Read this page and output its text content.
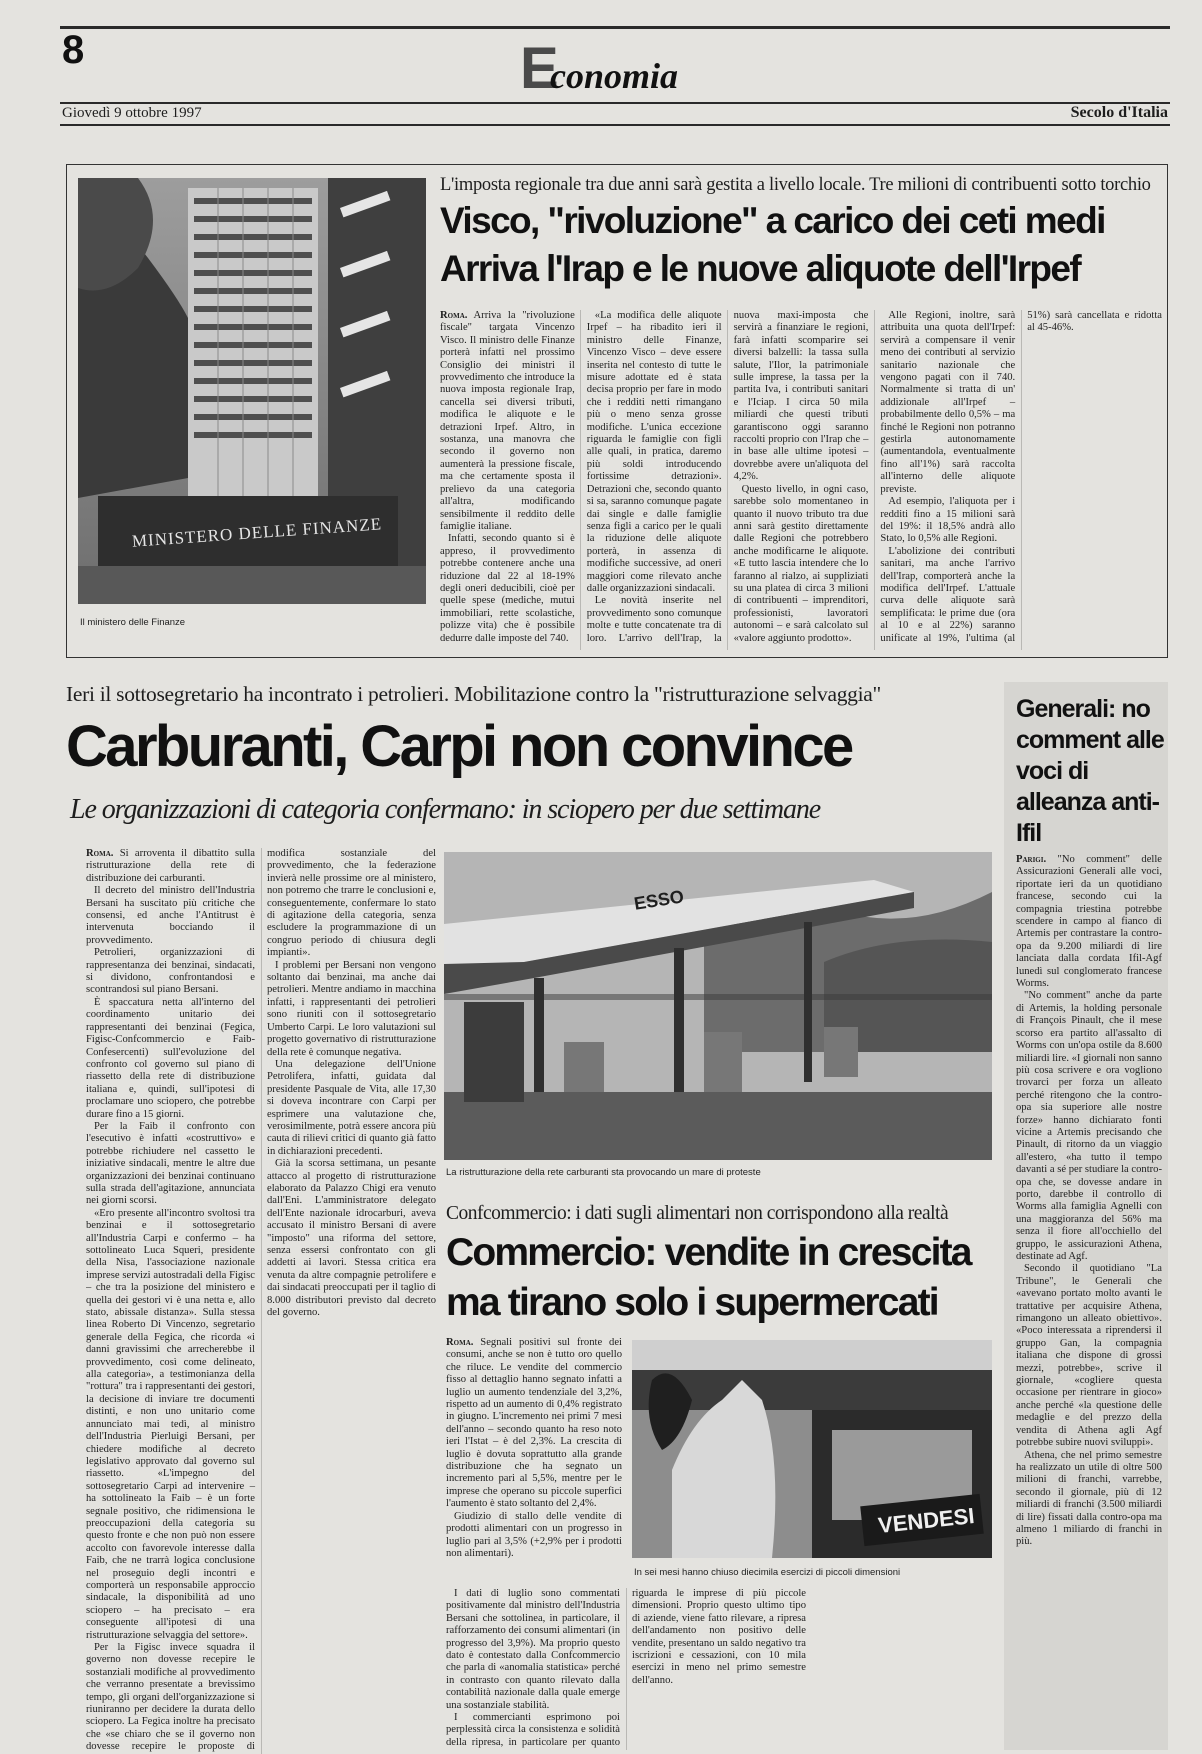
8	E
conomia
Giovedì 9 ottobre 1997	Secolo d'Italia
MINISTERO DELLE FINANZE
Il ministero delle Finanze
L'imposta regionale tra due anni sarà gestita a livello locale. Tre milioni di contribuenti sotto torchio
Visco, "rivoluzione" a carico dei ceti medi
Arriva l'Irap e le nuove aliquote dell'Irpef

Roma. Arriva la "rivoluzione fiscale" targata Vincenzo Visco. Il ministro delle Finanze porterà infatti nel prossimo Consiglio dei ministri il provvedimento che introduce la nuova imposta regionale Irap, cancella sei diversi tributi, modifica le aliquote e le detrazioni Irpef. Altro, in sostanza, una manovra che secondo il governo non aumenterà la pressione fiscale, ma che certamente sposta il prelievo da una categoria all'altra, modificando sensibilmente il reddito delle famiglie italiane.

Infatti, secondo quanto si è appreso, il provvedimento potrebbe contenere anche una riduzione dal 22 al 18-19% degli oneri deducibili, cioè per quelle spese (mediche, mutui immobiliari, rette scolastiche, polizze vita) che è possibile dedurre dalle imposte del 740.

«La modifica delle aliquote Irpef – ha ribadito ieri il ministro delle Finanze, Vincenzo Visco – deve essere inserita nel contesto di tutte le misure adottate ed è stata decisa proprio per fare in modo che i redditi netti rimangano più o meno senza grosse modifiche. L'unica eccezione riguarda le famiglie con figli alle quali, in pratica, daremo più soldi introducendo fortissime detrazioni». Detrazioni che, secondo quanto si sa, saranno comunque pagate dai single e dalle famiglie senza figli a carico per le quali la riduzione delle aliquote porterà, in assenza di modifiche successive, ad oneri maggiori come rilevato anche dalle organizzazioni sindacali.

Le novità inserite nel provvedimento sono comunque molte e tutte concatenate tra di loro. L'arrivo dell'Irap, la nuova maxi-imposta che servirà a finanziare le regioni, farà infatti scomparire sei diversi balzelli: la tassa sulla salute, l'Ilor, la patrimoniale sulle imprese, la tassa per la partita Iva, i contributi sanitari e l'Iciap. I circa 50 mila miliardi che questi tributi garantiscono oggi saranno raccolti proprio con l'Irap che – in base alle ultime ipotesi – dovrebbe avere un'aliquota del 4,2%.

Questo livello, in ogni caso, sarebbe solo momentaneo in quanto il nuovo tributo tra due anni sarà gestito direttamente dalle Regioni che potrebbero anche modificarne le aliquote. «E tutto lascia intendere che lo faranno al rialzo, ai suppliziati su una platea di circa 3 milioni di contribuenti – imprenditori, professionisti, lavoratori autonomi – e sarà calcolato sul «valore aggiunto prodotto».

Alle Regioni, inoltre, sarà attribuita una quota dell'Irpef: servirà a compensare il venir meno dei contributi al servizio sanitario nazionale che vengono pagati con il 740. Normalmente si tratta di un' addizionale all'Irpef – probabilmente dello 0,5% – ma finché le Regioni non potranno gestirla autonomamente (aumentandola, eventualmente fino all'1%) sarà raccolta all'interno delle aliquote previste.

Ad esempio, l'aliquota per i redditi fino a 15 milioni sarà del 19%: il 18,5% andrà allo Stato, lo 0,5% alle Regioni.

L'abolizione dei contributi sanitari, ma anche l'arrivo dell'Irap, comporterà anche la modifica dell'Irpef. L'attuale curva delle aliquote sarà semplificata: le prime due (ora al 10 e al 22%) saranno unificate al 19%, l'ultima (al 51%) sarà cancellata e ridotta al 45-46%.

Ieri il sottosegretario ha incontrato i petrolieri. Mobilitazione contro la "ristrutturazione selvaggia"
Carburanti, Carpi non convince
Le organizzazioni di categoria confermano: in sciopero per due settimane

Roma. Si arroventa il dibattito sulla ristrutturazione della rete di distribuzione dei carburanti.

Il decreto del ministro dell'Industria Bersani ha suscitato più critiche che consensi, ed anche l'Antitrust è intervenuta bocciando il provvedimento.

Petrolieri, organizzazioni di rappresentanza dei benzinai, sindacati, si dividono, confrontandosi e scontrandosi sul piano Bersani.

È spaccatura netta all'interno del coordinamento unitario dei rappresentanti dei benzinai (Fegica, Figisc-Confcommercio e Faib-Confesercenti) sull'evoluzione del confronto col governo sul piano di riassetto della rete di distribuzione italiana e, quindi, sull'ipotesi di proclamare uno sciopero, che potrebbe durare fino a 15 giorni.

Per la Faib il confronto con l'esecutivo è infatti «costruttivo» e potrebbe richiudere nel cassetto le iniziative sindacali, mentre le altre due organizzazioni dei benzinai continuano sulla strada dell'agitazione, annunciata nei giorni scorsi.

«Ero presente all'incontro svoltosi tra benzinai e il sottosegretario all'Industria Carpi e confermo – ha sottolineato Luca Squeri, presidente della Nisa, l'associazione nazionale imprese servizi autostradali della Figisc – che tra la posizione del ministero e quella dei gestori vi è una netta e, allo stato, abissale distanza». Sulla stessa linea Roberto Di Vincenzo, segretario generale della Fegica, che ricorda «i danni gravissimi che arrecherebbe il provvedimento, così come delineato, alla categoria», a testimonianza della "rottura" tra i rappresentanti dei gestori, la decisione di inviare tre documenti distinti, e non uno unitario come annunciato mai tedì, al ministro dell'Industria Pierluigi Bersani, per chiedere modifiche al decreto legislativo approvato dal governo sul riassetto. «L'impegno del sottosegretario Carpi ad intervenire – ha sottolineato la Faib – è un forte segnale positivo, che ridimensiona le preoccupazioni della categoria su questo fronte e che non può non essere accolto con favorevole interesse dalla Faib, che ne trarrà logica conclusione nel proseguio degli incontri e comporterà un responsabile approccio sindacale, la disponibilità ad uno sciopero – ha precisato – era conseguente all'ipotesi di una ristrutturazione selvaggia del settore».

Per la Figisc invece squadra il governo non dovesse recepire le sostanziali modifiche al provvedimento che verranno presentate a brevissimo tempo, gli organi dell'organizzazione si riuniranno per decidere la durata dello sciopero. La Fegica inoltre ha precisato che «se chiaro che se il governo non dovesse recepire le proposte di modifica sostanziale del provvedimento, che la federazione invierà nelle prossime ore al ministero, non potremo che trarre le conclusioni e, conseguentemente, confermare lo stato di agitazione della categoria, senza escludere la programmazione di un congruo periodo di chiusura degli impianti».

I problemi per Bersani non vengono soltanto dai benzinai, ma anche dai petrolieri. Mentre andiamo in macchina infatti, i rappresentanti dei petrolieri sono riuniti con il sottosegretario Umberto Carpi. Le loro valutazioni sul progetto governativo di ristrutturazione della rete è comunque negativa.

Una delegazione dell'Unione Petrolifera, infatti, guidata dal presidente Pasquale de Vita, alle 17,30 si doveva incontrare con Carpi per esprimere una valutazione che, verosimilmente, potrà essere ancora più cauta di rilievi critici di quanto già fatto in dichiarazioni precedenti.

Già la scorsa settimana, un pesante attacco al progetto di ristrutturazione elaborato da Palazzo Chigi era venuto dall'Eni. L'amministratore delegato dell'Ente nazionale idrocarburi, aveva accusato il ministro Bersani di avere "imposto" una riforma del settore, senza essersi confrontato con gli addetti ai lavori. Stessa critica era venuta da altre compagnie petrolifere e dai sindacati preoccupati per il taglio di 8.000 distributori previsto dal decreto del governo.

ESSO
La ristrutturazione della rete carburanti sta provocando un mare di proteste
Confcommercio: i dati sugli alimentari non corrispondono alla realtà
Commercio: vendite in crescita
ma tirano solo i supermercati
VENDESI
In sei mesi hanno chiuso diecimila esercizi di piccoli dimensioni

Roma. Segnali positivi sul fronte dei consumi, anche se non è tutto oro quello che riluce. Le vendite del commercio fisso al dettaglio hanno segnato infatti a luglio un aumento tendenziale del 3,2%, rispetto ad un aumento di 0,4% registrato in giugno. L'incremento nei primi 7 mesi dell'anno – secondo quanto ha reso noto ieri l'Istat – è del 2,3%. La crescita di luglio è dovuta soprattutto alla grande distribuzione che ha segnato un incremento pari al 5,5%, mentre per le imprese che operano su piccole superfici l'aumento è stato soltanto del 2,4%.

Giudizio di stallo delle vendite di prodotti alimentari con un progresso in luglio pari al 3,5% (+2,9% per i prodotti non alimentari).

I dati di luglio sono commentati positivamente dal ministro dell'Industria Bersani che sottolinea, in particolare, il rafforzamento dei consumi alimentari (in progresso del 3,9%). Ma proprio questo dato è contestato dalla Confcommercio che parla di «anomalia statistica» perché in contrasto con quanto rilevato dalla contabilità nazionale dalla quale emerge una sostanziale stabilità.

I commercianti esprimono poi perplessità circa la consistenza e solidità della ripresa, in particolare per quanto riguarda le imprese di più piccole dimensioni. Proprio questo ultimo tipo di aziende, viene fatto rilevare, a ripresa dell'andamento non positivo delle vendite, presentano un saldo negativo tra iscrizioni e cessazioni, con 10 mila esercizi in meno nel primo semestre dell'anno.

Generali: no comment alle voci di alleanza anti-Ifil

Parigi. "No comment" delle Assicurazioni Generali alle voci, riportate ieri da un quotidiano francese, secondo cui la compagnia triestina potrebbe scendere in campo al fianco di Artemis per contrastare la contro-opa da 9.200 miliardi di lire lanciata dalla cordata Ifil-Agf lunedì sul conglomerato francese Worms.

"No comment" anche da parte di Artemis, la holding personale di François Pinault, che il mese scorso era partito all'assalto di Worms con un'opa ostile da 8.600 miliardi lire. «I giornali non sanno più cosa scrivere e ora vogliono trovarci per forza un alleato perché ritengono che la contro-opa sia superiore alle nostre forze» hanno dichiarato fonti vicine a Artemis precisando che Pinault, di ritorno da un viaggio all'estero, «ha tutto il tempo davanti a sé per studiare la contro-opa che, se dovesse andare in porto, darebbe il controllo di Worms alla famiglia Agnelli con una maggioranza del 56% ma senza il fiore all'occhiello del gruppo, le assicurazioni Athena, destinate ad Agf.

Secondo il quotidiano "La Tribune", le Generali che «avevano portato molto avanti le trattative per acquisire Athena, rimangono un alleato obiettivo». «Poco interessata a riprendersi il gruppo Gan, la compagnia italiana che dispone di grossi mezzi, potrebbe», scrive il giornale, «cogliere questa occasione per rientrare in gioco» anche perché «la questione delle medaglie e del prezzo della vendita di Athena agli Agf potrebbe subire nuovi sviluppi».

Athena, che nel primo semestre ha realizzato un utile di oltre 500 milioni di franchi, varrebbe, secondo il giornale, più di 12 miliardi di franchi (3.500 miliardi di lire) fissati dalla contro-opa ma almeno 1 miliardo di franchi in più.
